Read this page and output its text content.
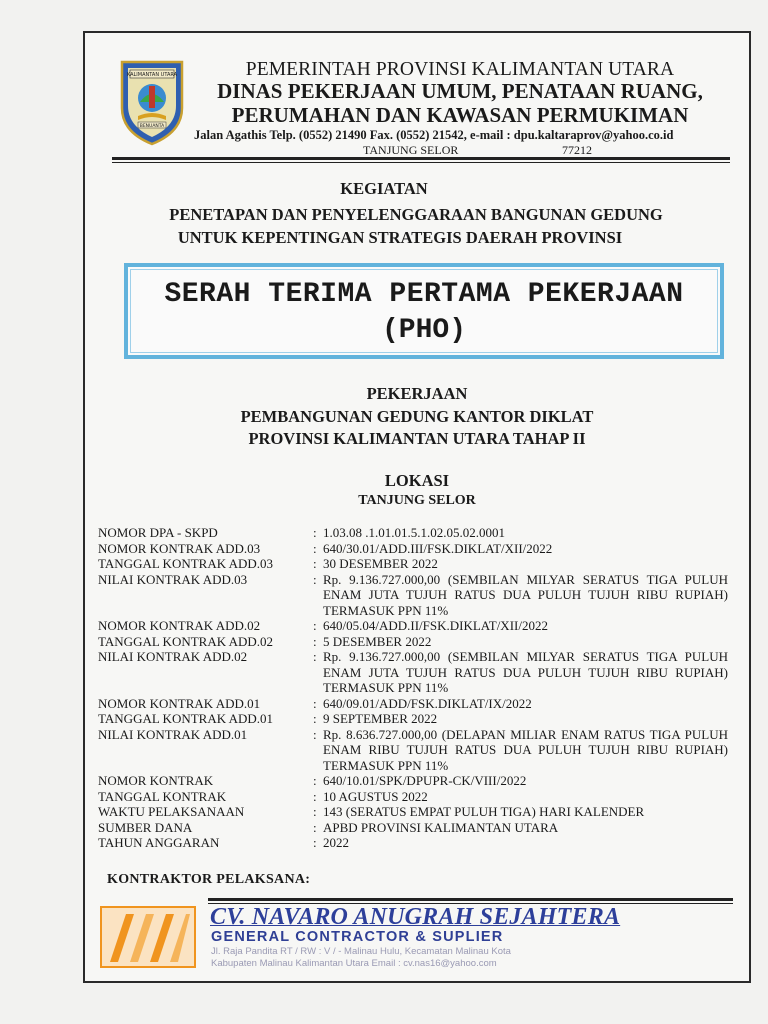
KALIMANTAN UTARA
BENUANTA
PEMERINTAH PROVINSI KALIMANTAN UTARA
DINAS PEKERJAAN UMUM, PENATAAN RUANG,
PERUMAHAN DAN KAWASAN PERMUKIMAN
Jalan Agathis Telp. (0552) 21490 Fax. (0552) 21542, e-mail : dpu.kaltaraprov@yahoo.co.id
TANJUNG SELOR	77212
KEGIATAN
PENETAPAN DAN PENYELENGGARAAN BANGUNAN GEDUNG
UNTUK KEPENTINGAN STRATEGIS DAERAH PROVINSI
SERAH TERIMA PERTAMA PEKERJAAN
(PHO)
PEKERJAAN
PEMBANGUNAN GEDUNG KANTOR DIKLAT
PROVINSI KALIMANTAN UTARA TAHAP II
LOKASI
TANJUNG SELOR
NOMOR DPA - SKPD	: 1.03.08 .1.01.01.5.1.02.05.02.0001
NOMOR KONTRAK ADD.03	: 640/30.01/ADD.III/FSK.DIKLAT/XII/2022
TANGGAL KONTRAK ADD.03	: 30 DESEMBER 2022
NILAI KONTRAK ADD.03	: Rp. 9.136.727.000,00 (SEMBILAN MILYAR SERATUS TIGA PULUH ENAM JUTA TUJUH RATUS DUA PULUH TUJUH RIBU RUPIAH) TERMASUK PPN 11%
NOMOR KONTRAK ADD.02	: 640/05.04/ADD.II/FSK.DIKLAT/XII/2022
TANGGAL KONTRAK ADD.02	: 5 DESEMBER 2022
NILAI KONTRAK ADD.02	: Rp. 9.136.727.000,00 (SEMBILAN MILYAR SERATUS TIGA PULUH ENAM JUTA TUJUH RATUS DUA PULUH TUJUH RIBU RUPIAH) TERMASUK PPN 11%
NOMOR KONTRAK ADD.01	: 640/09.01/ADD/FSK.DIKLAT/IX/2022
TANGGAL KONTRAK ADD.01	: 9 SEPTEMBER 2022
NILAI KONTRAK ADD.01	: Rp. 8.636.727.000,00 (DELAPAN MILIAR ENAM RATUS TIGA PULUH ENAM RIBU TUJUH RATUS DUA PULUH TUJUH RIBU RUPIAH) TERMASUK PPN 11%
NOMOR KONTRAK	: 640/10.01/SPK/DPUPR-CK/VIII/2022
TANGGAL KONTRAK	: 10 AGUSTUS 2022
WAKTU PELAKSANAAN	: 143 (SERATUS EMPAT PULUH TIGA) HARI KALENDER
SUMBER DANA	: APBD PROVINSI KALIMANTAN UTARA
TAHUN ANGGARAN	: 2022
KONTRAKTOR PELAKSANA:
CV. NAVARO ANUGRAH SEJAHTERA
GENERAL CONTRACTOR & SUPLIER
Jl. Raja Pandita RT / RW : V / - Malinau Hulu, Kecamatan Malinau Kota
Kabupaten Malinau Kalimantan Utara Email : cv.nas16@yahoo.com
